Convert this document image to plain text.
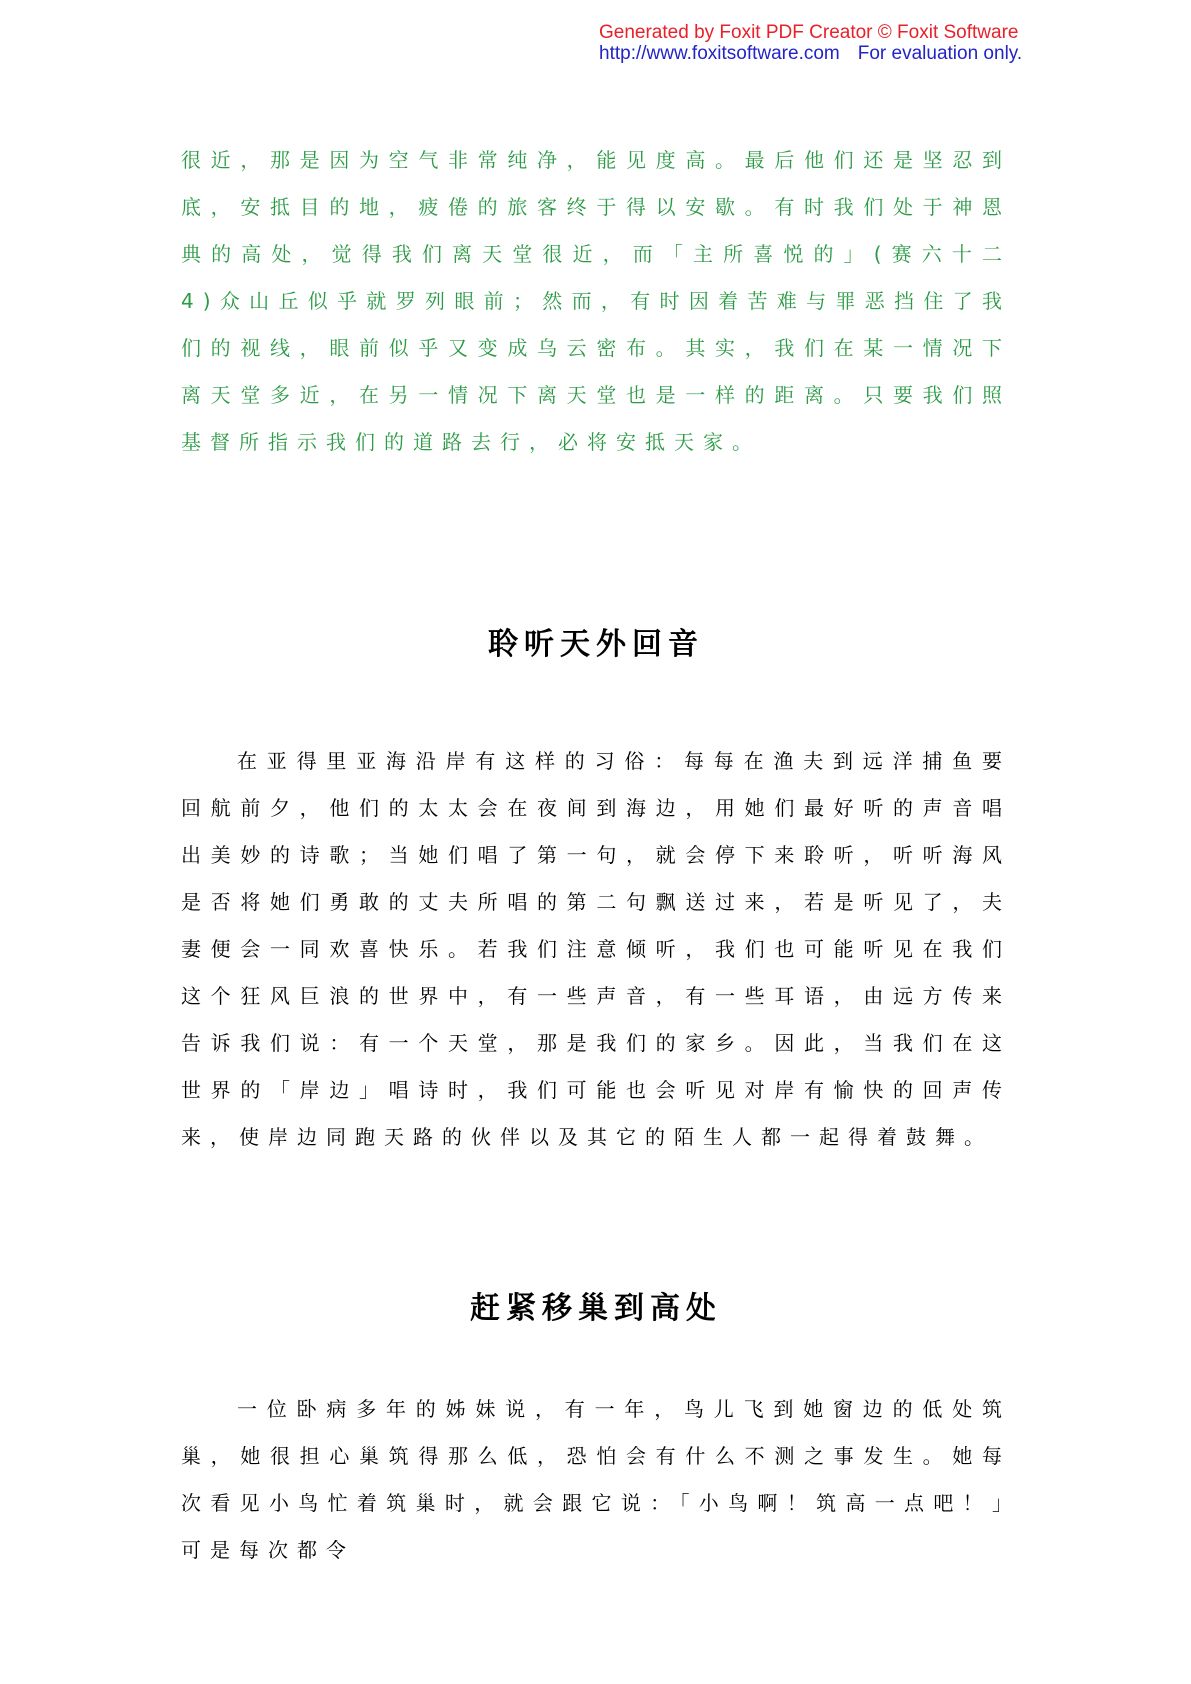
Generated by Foxit PDF Creator © Foxit Software
http://www.foxitsoftware.com For evaluation only.

很近，那是因为空气非常纯净，能见度高。最后他们还是坚忍到底，安抵目的地，疲倦的旅客终于得以安歇。有时我们处于神恩典的高处，觉得我们离天堂很近，而「主所喜悦的」(赛六十二 4)众山丘似乎就罗列眼前；然而，有时因着苦难与罪恶挡住了我们的视线，眼前似乎又变成乌云密布。其实，我们在某一情况下离天堂多近，在另一情况下离天堂也是一样的距离。只要我们照基督所指示我们的道路去行，必将安抵天家。

聆听天外回音

在亚得里亚海沿岸有这样的习俗：每每在渔夫到远洋捕鱼要回航前夕，他们的太太会在夜间到海边，用她们最好听的声音唱出美妙的诗歌；当她们唱了第一句，就会停下来聆听，听听海风是否将她们勇敢的丈夫所唱的第二句飘送过来，若是听见了，夫妻便会一同欢喜快乐。若我们注意倾听，我们也可能听见在我们这个狂风巨浪的世界中，有一些声音，有一些耳语，由远方传来告诉我们说：有一个天堂，那是我们的家乡。因此，当我们在这世界的「岸边」唱诗时，我们可能也会听见对岸有愉快的回声传来，使岸边同跑天路的伙伴以及其它的陌生人都一起得着鼓舞。

赶紧移巢到高处

一位卧病多年的姊妹说，有一年，鸟儿飞到她窗边的低处筑巢，她很担心巢筑得那么低，恐怕会有什么不测之事发生。她每次看见小鸟忙着筑巢时，就会跟它说：「小鸟啊！筑高一点吧！」可是每次都令
